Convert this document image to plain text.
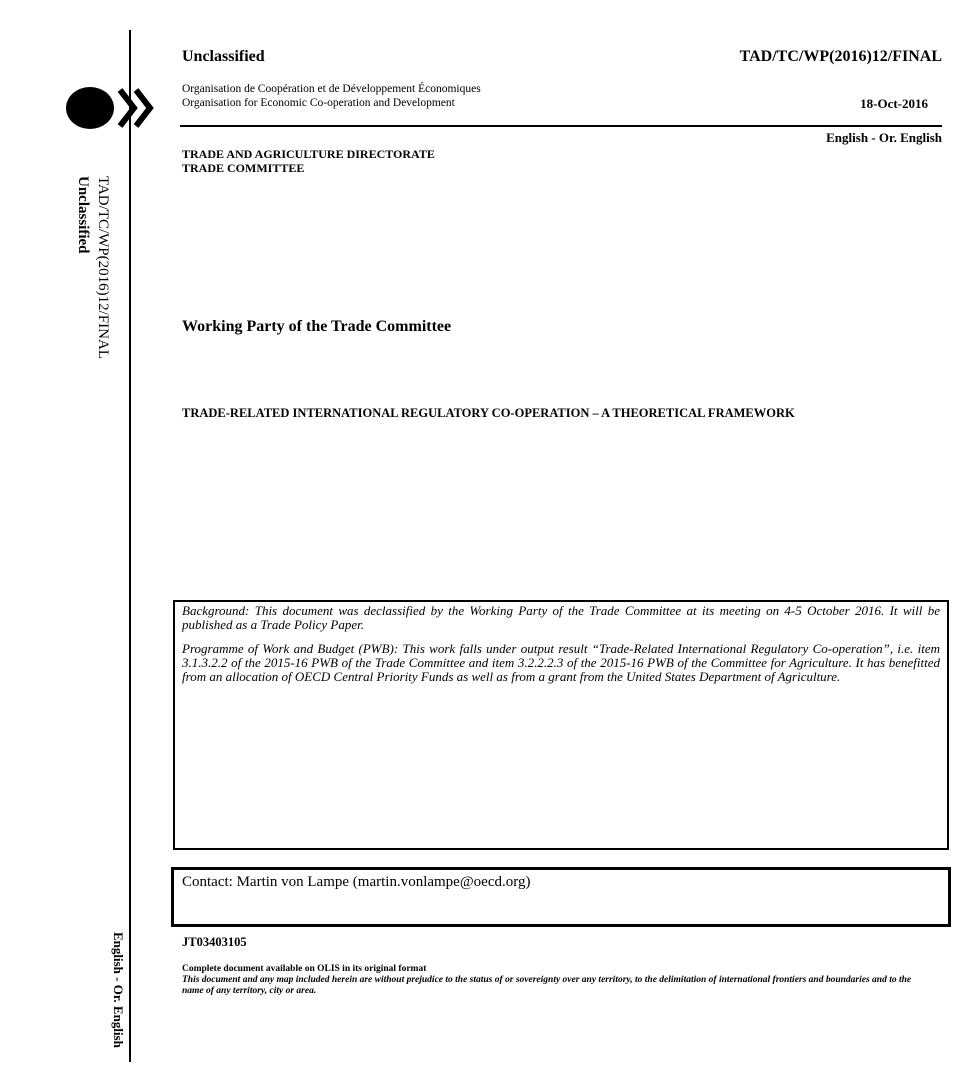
TAD/TC/WP(2016)12/FINAL
Unclassified
English - Or. English
Unclassified	TAD/TC/WP(2016)12/FINAL
Organisation de Coopération et de Développement Économiques
Organisation for Economic Co-operation and Development	18-Oct-2016
English - Or. English
TRADE AND AGRICULTURE DIRECTORATE
TRADE COMMITTEE
Working Party of the Trade Committee
TRADE-RELATED INTERNATIONAL REGULATORY CO-OPERATION – A THEORETICAL FRAMEWORK

Background: This document was declassified by the Working Party of the Trade Committee at its meeting on 4-5 October 2016. It will be published as a Trade Policy Paper.

Programme of Work and Budget (PWB): This work falls under output result “Trade-Related International Regulatory Co-operation”, i.e. item 3.1.3.2.2 of the 2015-16 PWB of the Trade Committee and item 3.2.2.2.3 of the 2015-16 PWB of the Committee for Agriculture. It has benefitted from an allocation of OECD Central Priority Funds as well as from a grant from the United States Department of Agriculture.

Contact: Martin von Lampe (martin.vonlampe@oecd.org)
JT03403105
Complete document available on OLIS in its original format
This document and any map included herein are without prejudice to the status of or sovereignty over any territory, to the delimitation of international frontiers and boundaries and to the name of any territory, city or area.
